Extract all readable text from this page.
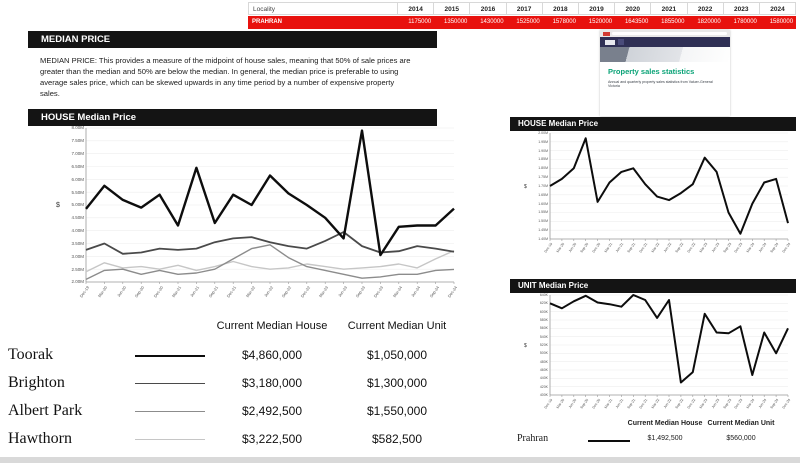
Locality	2014	2015	2016	2017	2018	2019	2020	2021	2022	2023	2024
PRAHRAN	1175000	1350000	1430000	1525000	1578000	1520000	1643500	1855000	1820000	1780000	1580000
Property sales statistics
Annual and quarterly property sales statistics from Valuer-General Victoria
MEDIAN PRICE
MEDIAN PRICE: This provides a measure of the midpoint of house sales, meaning that 50% of sale prices are greater than the median and 50% are below the median. In general, the median price is preferable to using average sales price, which can be skewed upwards in any time period by a number of expensive property sales.
HOUSE Median Price
8.00M
7.50M
7.00M
6.50M
6.00M
5.50M
5.00M
4.50M
4.00M
3.50M
3.00M
2.50M
2.00M
Dec-19	Mar-20	Jun-20	Sep-20	Dec-20	Mar-21	Jun-21	Sep-21	Dec-21	Mar-22	Jun-22	Sep-22	Dec-22	Mar-23	Jun-23	Sep-23	Dec-23	Mar-24	Jun-24	Sep-24	Dec-24
$
HOUSE Median Price
2.00M
1.95M
1.90M
1.85M
1.80M
1.75M
1.70M
1.65M
1.60M
1.55M
1.50M
1.45M
1.40M
Dec-19 Mar-20 Jun-20 Sep-20 Dec-20 Mar-21 Jun-21 Sep-21 Dec-21 Mar-22 Jun-22 Sep-22 Dec-22 Mar-23 Jun-23 Sep-23 Dec-23 Mar-24 Jun-24 Sep-24 Dec-24
$
UNIT Median Price
640K
620K
600K
580K
560K
540K
520K
500K
480K
460K
440K
420K
400K
Dec-19 Mar-20 Jun-20 Sep-20 Dec-20 Mar-21 Jun-21 Sep-21 Dec-21 Mar-22 Jun-22 Sep-22 Dec-22 Mar-23 Jun-23 Sep-23 Dec-23 Mar-24 Jun-24 Sep-24 Dec-24
$
Current Median House	Current Median Unit
Toorak	$4,860,000	$1,050,000
Brighton	$3,180,000	$1,300,000
Albert Park	$2,492,500	$1,550,000
Hawthorn	$3,222,500	$582,500
Current Median House Current Median Unit
Prahran	$1,492,500	$560,000
